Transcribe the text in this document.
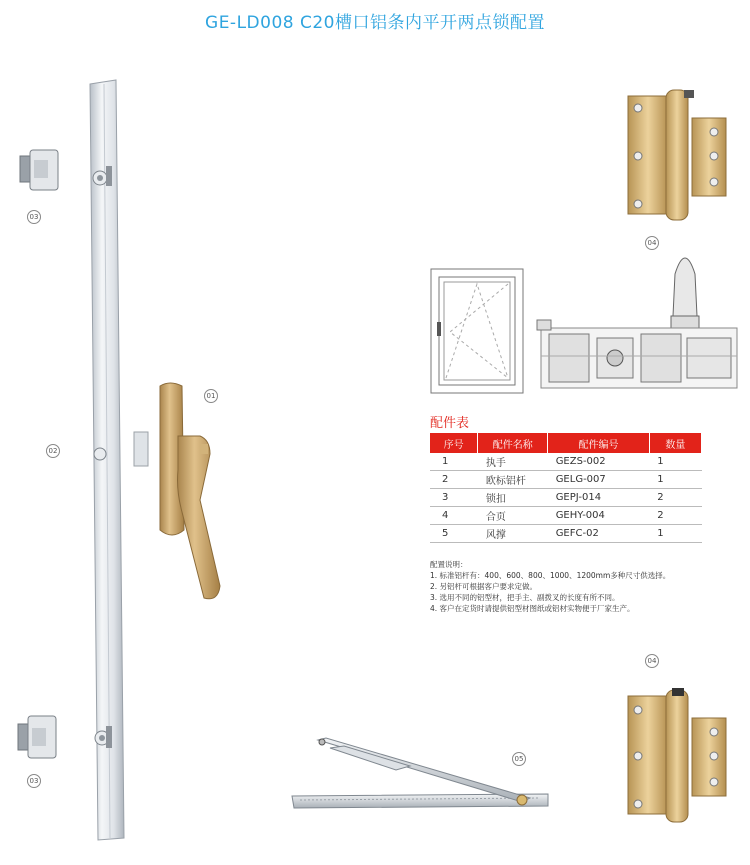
GE-LD008 C20槽口铝条内平开两点锁配置
03
03
02
01
04
04
配件表
序号	配件名称	配件编号	数量
1	执手	GEZS-002	1
2	欧标铝杆	GELG-007	1
3	锁扣	GEPJ-014	2
4	合页	GEHY-004	2
5	风撑	GEFC-02	1
配置说明：
1. 标准铝杆有：400、600、800、1000、1200mm多种尺寸供选择。
2. 另铝杆可根据客户要求定做。
3. 选用不同的铝型材，把手主、副拨叉的长度有所不同。
4. 客户在定货时请提供铝型材图纸或铝材实物便于厂家生产。
05
